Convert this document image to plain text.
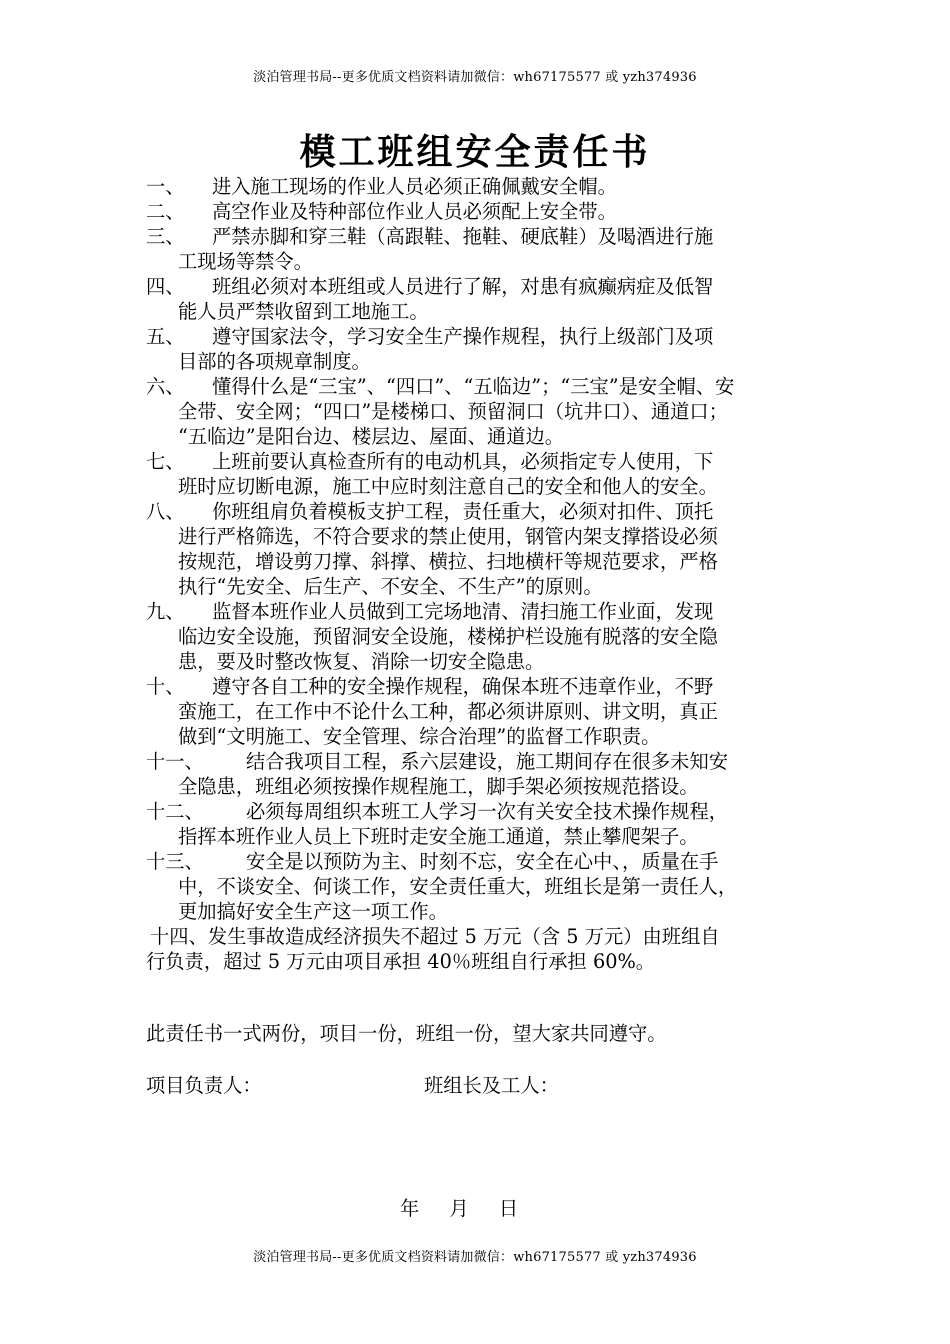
淡泊管理书局--更多优质文档资料请加微信：wh67175577 或 yzh374936
模工班组安全责任书

一、 进入施工现场的作业人员必须正确佩戴安全帽。

二、 高空作业及特种部位作业人员必须配上安全带。

三、 严禁赤脚和穿三鞋（高跟鞋、拖鞋、硬底鞋）及喝酒进行施
工现场等禁令。

四、 班组必须对本班组或人员进行了解，对患有疯癫病症及低智
能人员严禁收留到工地施工。

五、 遵守国家法令，学习安全生产操作规程，执行上级部门及项
目部的各项规章制度。

六、 懂得什么是“三宝”、“四口”、“五临边”；“三宝”是安全帽、安
全带、安全网；“四口”是楼梯口、预留洞口（坑井口）、通道口；
“五临边”是阳台边、楼层边、屋面、通道边。

七、 上班前要认真检查所有的电动机具，必须指定专人使用，下
班时应切断电源，施工中应时刻注意自己的安全和他人的安全。

八、 你班组肩负着模板支护工程，责任重大，必须对扣件、顶托
进行严格筛选，不符合要求的禁止使用，钢管内架支撑搭设必须
按规范，增设剪刀撑、斜撑、横拉、扫地横杆等规范要求，严格
执行“先安全、后生产、不安全、不生产”的原则。

九、 监督本班作业人员做到工完场地清、清扫施工作业面，发现
临边安全设施，预留洞安全设施，楼梯护栏设施有脱落的安全隐
患，要及时整改恢复、消除一切安全隐患。

十、 遵守各自工种的安全操作规程，确保本班不违章作业，不野
蛮施工，在工作中不论什么工种，都必须讲原则、讲文明，真正
做到“文明施工、安全管理、综合治理”的监督工作职责。

十一、 结合我项目工程，系六层建设，施工期间存在很多未知安
全隐患，班组必须按操作规程施工，脚手架必须按规范搭设。

十二、 必须每周组织本班工人学习一次有关安全技术操作规程，
指挥本班作业人员上下班时走安全施工通道，禁止攀爬架子。

十三、 安全是以预防为主、时刻不忘，安全在心中、，质量在手
中，不谈安全、何谈工作，安全责任重大，班组长是第一责任人，
更加搞好安全生产这一项工作。

十四、发生事故造成经济损失不超过 5 万元（含 5 万元）由班组自
行负责，超过 5 万元由项目承担 40％班组自行承担 60%。

此责任书一式两份，项目一份，班组一份，望大家共同遵守。
项目负责人：	班组长及工人：
年 月 日
淡泊管理书局--更多优质文档资料请加微信：wh67175577 或 yzh374936
